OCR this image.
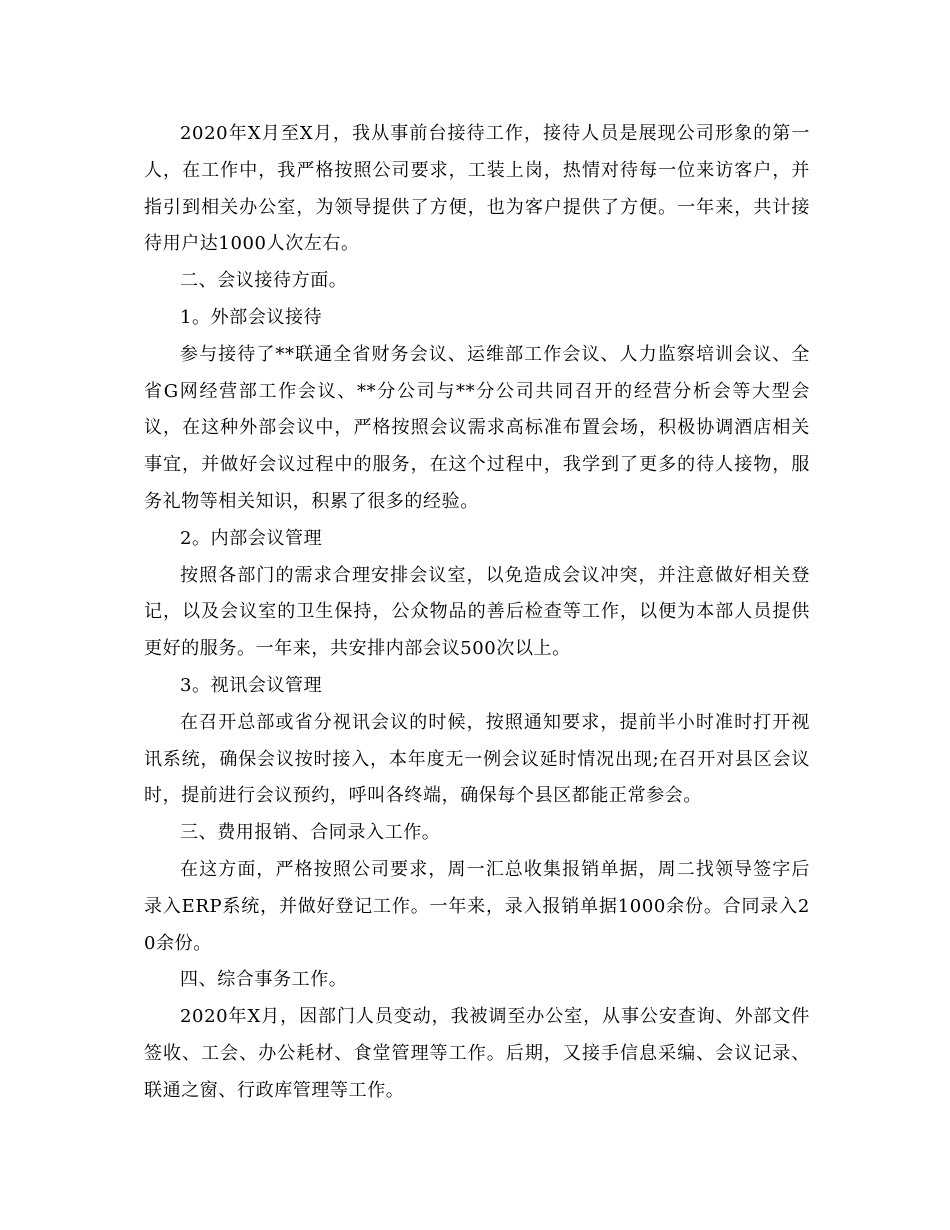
2020年X月至X月，我从事前台接待工作，接待人员是展现公司形象的第一人，在工作中，我严格按照公司要求，工装上岗，热情对待每一位来访客户，并指引到相关办公室，为领导提供了方便，也为客户提供了方便。一年来，共计接待用户达1000人次左右。

二、会议接待方面。

1。外部会议接待

参与接待了**联通全省财务会议、运维部工作会议、人力监察培训会议、全省G网经营部工作会议、**分公司与**分公司共同召开的经营分析会等大型会议，在这种外部会议中，严格按照会议需求高标准布置会场，积极协调酒店相关事宜，并做好会议过程中的服务，在这个过程中，我学到了更多的待人接物，服务礼物等相关知识，积累了很多的经验。

2。内部会议管理

按照各部门的需求合理安排会议室，以免造成会议冲突，并注意做好相关登记，以及会议室的卫生保持，公众物品的善后检查等工作，以便为本部人员提供更好的服务。一年来，共安排内部会议500次以上。

3。视讯会议管理

在召开总部或省分视讯会议的时候，按照通知要求，提前半小时准时打开视讯系统，确保会议按时接入，本年度无一例会议延时情况出现;在召开对县区会议时，提前进行会议预约，呼叫各终端，确保每个县区都能正常参会。

三、费用报销、合同录入工作。

在这方面，严格按照公司要求，周一汇总收集报销单据，周二找领导签字后录入ERP系统，并做好登记工作。一年来，录入报销单据1000余份。合同录入20余份。

四、综合事务工作。

2020年X月，因部门人员变动，我被调至办公室，从事公安查询、外部文件签收、工会、办公耗材、食堂管理等工作。后期，又接手信息采编、会议记录、联通之窗、行政库管理等工作。
